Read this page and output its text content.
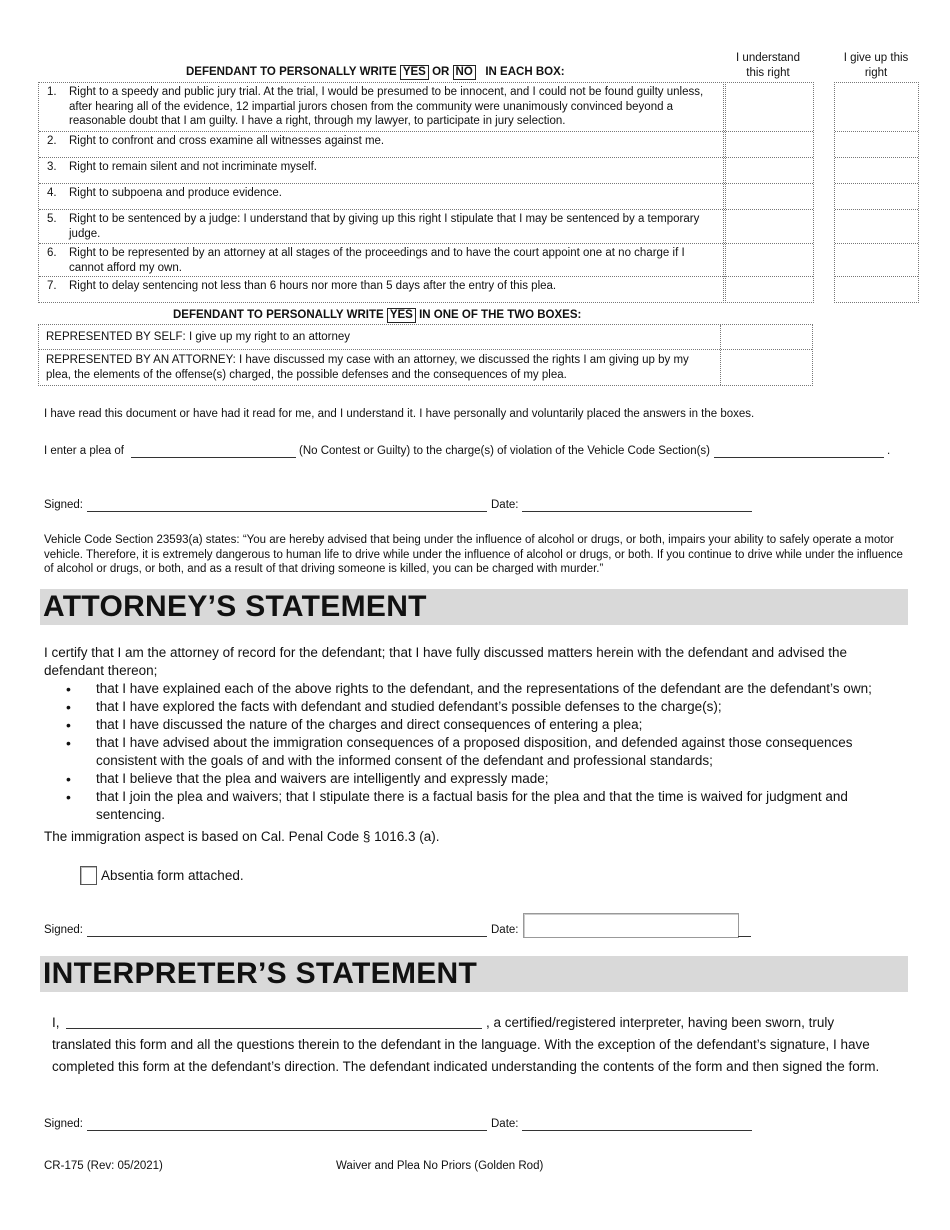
DEFENDANT TO PERSONALLY WRITE YES OR NO IN EACH BOX:
I understand this right
I give up this right
1.	Right to a speedy and public jury trial. At the trial, I would be presumed to be innocent, and I could not be found guilty unless, after hearing all of the evidence, 12 impartial jurors chosen from the community were unanimously convinced beyond a reasonable doubt that I am guilty. I have a right, through my lawyer, to participate in jury selection.
2.	Right to confront and cross examine all witnesses against me.
3.	Right to remain silent and not incriminate myself.
4.	Right to subpoena and produce evidence.
5.	Right to be sentenced by a judge: I understand that by giving up this right I stipulate that I may be sentenced by a temporary judge.
6.	Right to be represented by an attorney at all stages of the proceedings and to have the court appoint one at no charge if I cannot afford my own.
7.	Right to delay sentencing not less than 6 hours nor more than 5 days after the entry of this plea.
DEFENDANT TO PERSONALLY WRITE YES IN ONE OF THE TWO BOXES:
REPRESENTED BY SELF: I give up my right to an attorney
REPRESENTED BY AN ATTORNEY: I have discussed my case with an attorney, we discussed the rights I am giving up by my plea, the elements of the offense(s) charged, the possible defenses and the consequences of my plea.
I have read this document or have had it read for me, and I understand it. I have personally and voluntarily placed the answers in the boxes.
I enter a plea of	(No Contest or Guilty) to the charge(s) of violation of the Vehicle Code Section(s)	.
Signed:	Date:
Vehicle Code Section 23593(a) states: “You are hereby advised that being under the influence of alcohol or drugs, or both, impairs your ability to safely operate a motor vehicle. Therefore, it is extremely dangerous to human life to drive while under the influence of alcohol or drugs, or both. If you continue to drive while under the influence of alcohol or drugs, or both, and as a result of that driving someone is killed, you can be charged with murder.”
ATTORNEY’S STATEMENT
I certify that I am the attorney of record for the defendant; that I have fully discussed matters herein with the defendant and advised the defendant thereon;
• that I have explained each of the above rights to the defendant, and the representations of the defendant are the defendant’s own;
• that I have explored the facts with defendant and studied defendant’s possible defenses to the charge(s);
• that I have discussed the nature of the charges and direct consequences of entering a plea;
• that I have advised about the immigration consequences of a proposed disposition, and defended against those consequences consistent with the goals of and with the informed consent of the defendant and professional standards;
• that I believe that the plea and waivers are intelligently and expressly made;
• that I join the plea and waivers; that I stipulate there is a factual basis for the plea and that the time is waived for judgment and sentencing.
The immigration aspect is based on Cal. Penal Code § 1016.3 (a).
Absentia form attached.
Signed:	Date:
INTERPRETER’S STATEMENT
I,	, a certified/registered interpreter, having been sworn, truly
translated this form and all the questions therein to the defendant in the language. With the exception of the defendant’s signature, I have
completed this form at the defendant’s direction. The defendant indicated understanding the contents of the form and then signed the form.
Signed:	Date:
CR-175 (Rev: 05/2021)	Waiver and Plea No Priors (Golden Rod)
